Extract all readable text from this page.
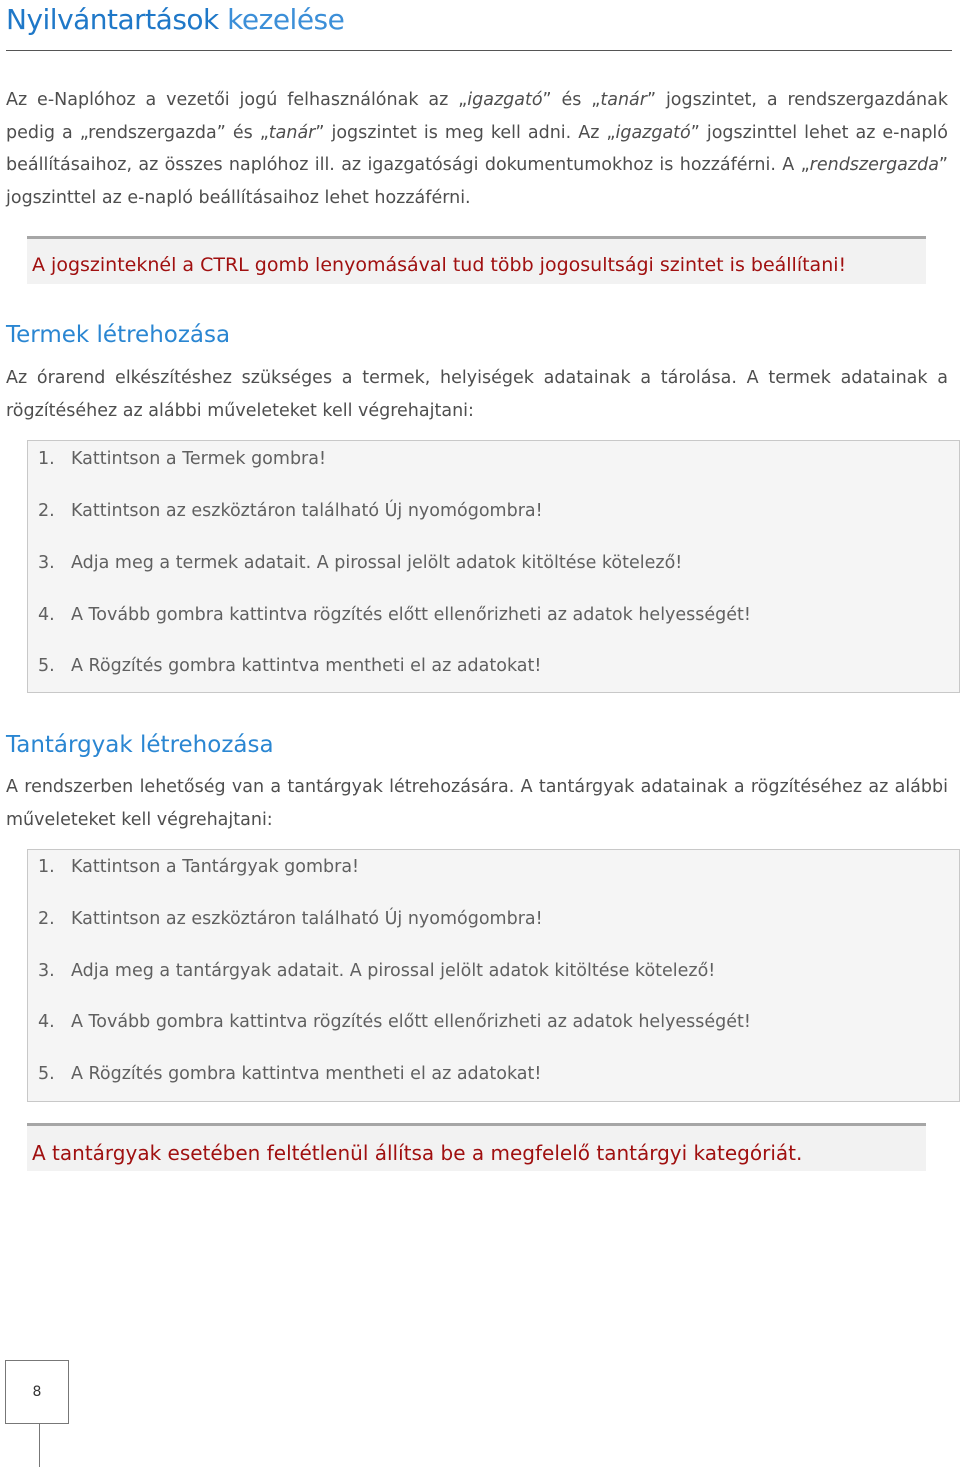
Nyilvántartások kezelése

Az e-Naplóhoz a vezetői jogú felhasználónak az „igazgató” és „tanár” jogszintet, a rendszergazdának pedig a „rendszergazda” és „tanár” jogszintet is meg kell adni. Az „igazgató” jogszinttel lehet az e-napló beállításaihoz, az összes naplóhoz ill. az igazgatósági dokumentumokhoz is hozzáférni. A „rendszergazda” jogszinttel az e-napló beállításaihoz lehet hozzáférni.

A jogszinteknél a CTRL gomb lenyomásával tud több jogosultsági szintet is beállítani!
Termek létrehozása

Az órarend elkészítéshez szükséges a termek, helyiségek adatainak a tárolása. A termek adatainak a rögzítéséhez az alábbi műveleteket kell végrehajtani:

1. Kattintson a Termek gombra!
2. Kattintson az eszköztáron található Új nyomógombra!
3. Adja meg a termek adatait. A pirossal jelölt adatok kitöltése kötelező!
4. A Tovább gombra kattintva rögzítés előtt ellenőrizheti az adatok helyességét!
5. A Rögzítés gombra kattintva mentheti el az adatokat!
Tantárgyak létrehozása

A rendszerben lehetőség van a tantárgyak létrehozására. A tantárgyak adatainak a rögzítéséhez az alábbi műveleteket kell végrehajtani:

1. Kattintson a Tantárgyak gombra!
2. Kattintson az eszköztáron található Új nyomógombra!
3. Adja meg a tantárgyak adatait. A pirossal jelölt adatok kitöltése kötelező!
4. A Tovább gombra kattintva rögzítés előtt ellenőrizheti az adatok helyességét!
5. A Rögzítés gombra kattintva mentheti el az adatokat!
A tantárgyak esetében feltétlenül állítsa be a megfelelő tantárgyi kategóriát.
8
